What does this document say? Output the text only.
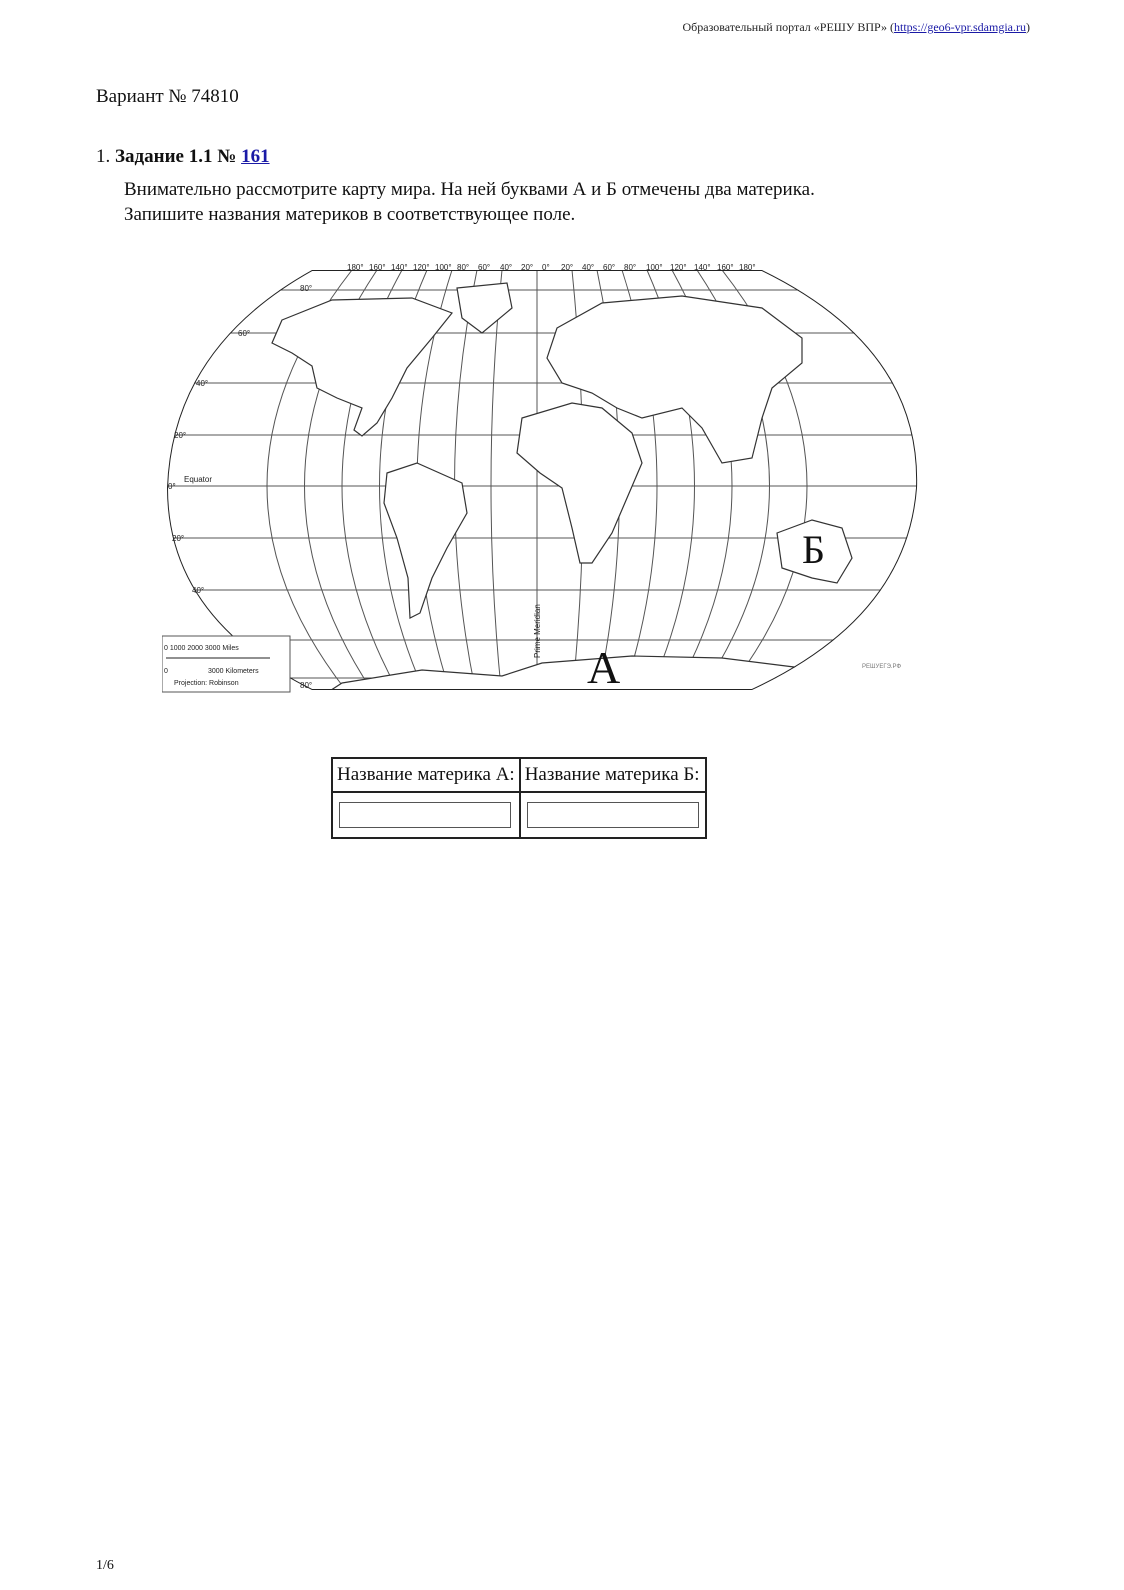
Образовательный портал «РЕШУ ВПР» (https://geo6-vpr.sdamgia.ru)
Вариант № 74810
1. Задание 1.1 № 161
Внимательно рассмотрите карту мира. На ней буквами А и Б отмечены два материка.
Запишите названия материков в соответствующее поле.
180° 160° 140° 120° 100° 80° 60° 40° 20° 0° 20° 40° 60° 80° 100° 120° 140° 160° 180°
80°
60°
40°
20°
0°
20°
40°
80°
Equator
Prime Meridian
А
Б
0 1000 2000 3000 Miles
0	3000 Kilometers
Projection: Robinson
РЕШУЕГЭ.РФ
Название материка А:	Название материка Б:

1/6
